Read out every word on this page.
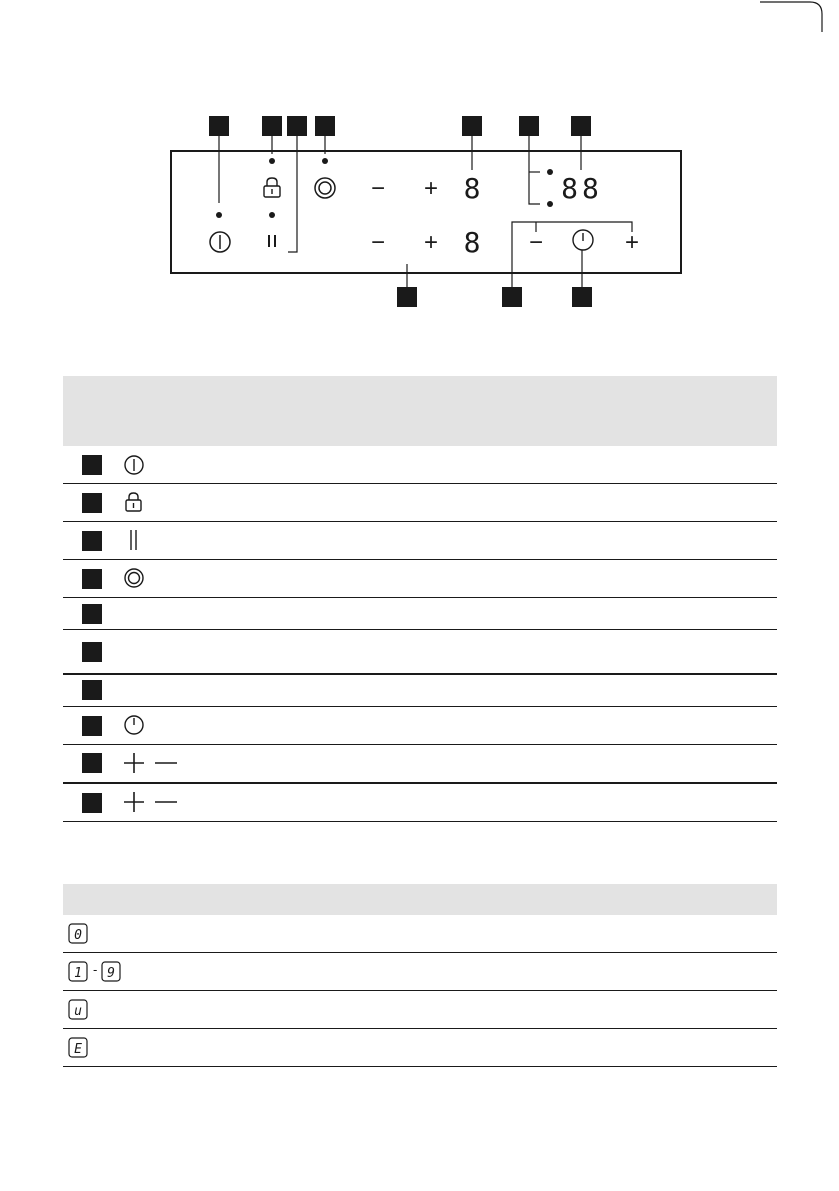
− +
− +
8
8
88
−	+
0
1 - 9
u
E
